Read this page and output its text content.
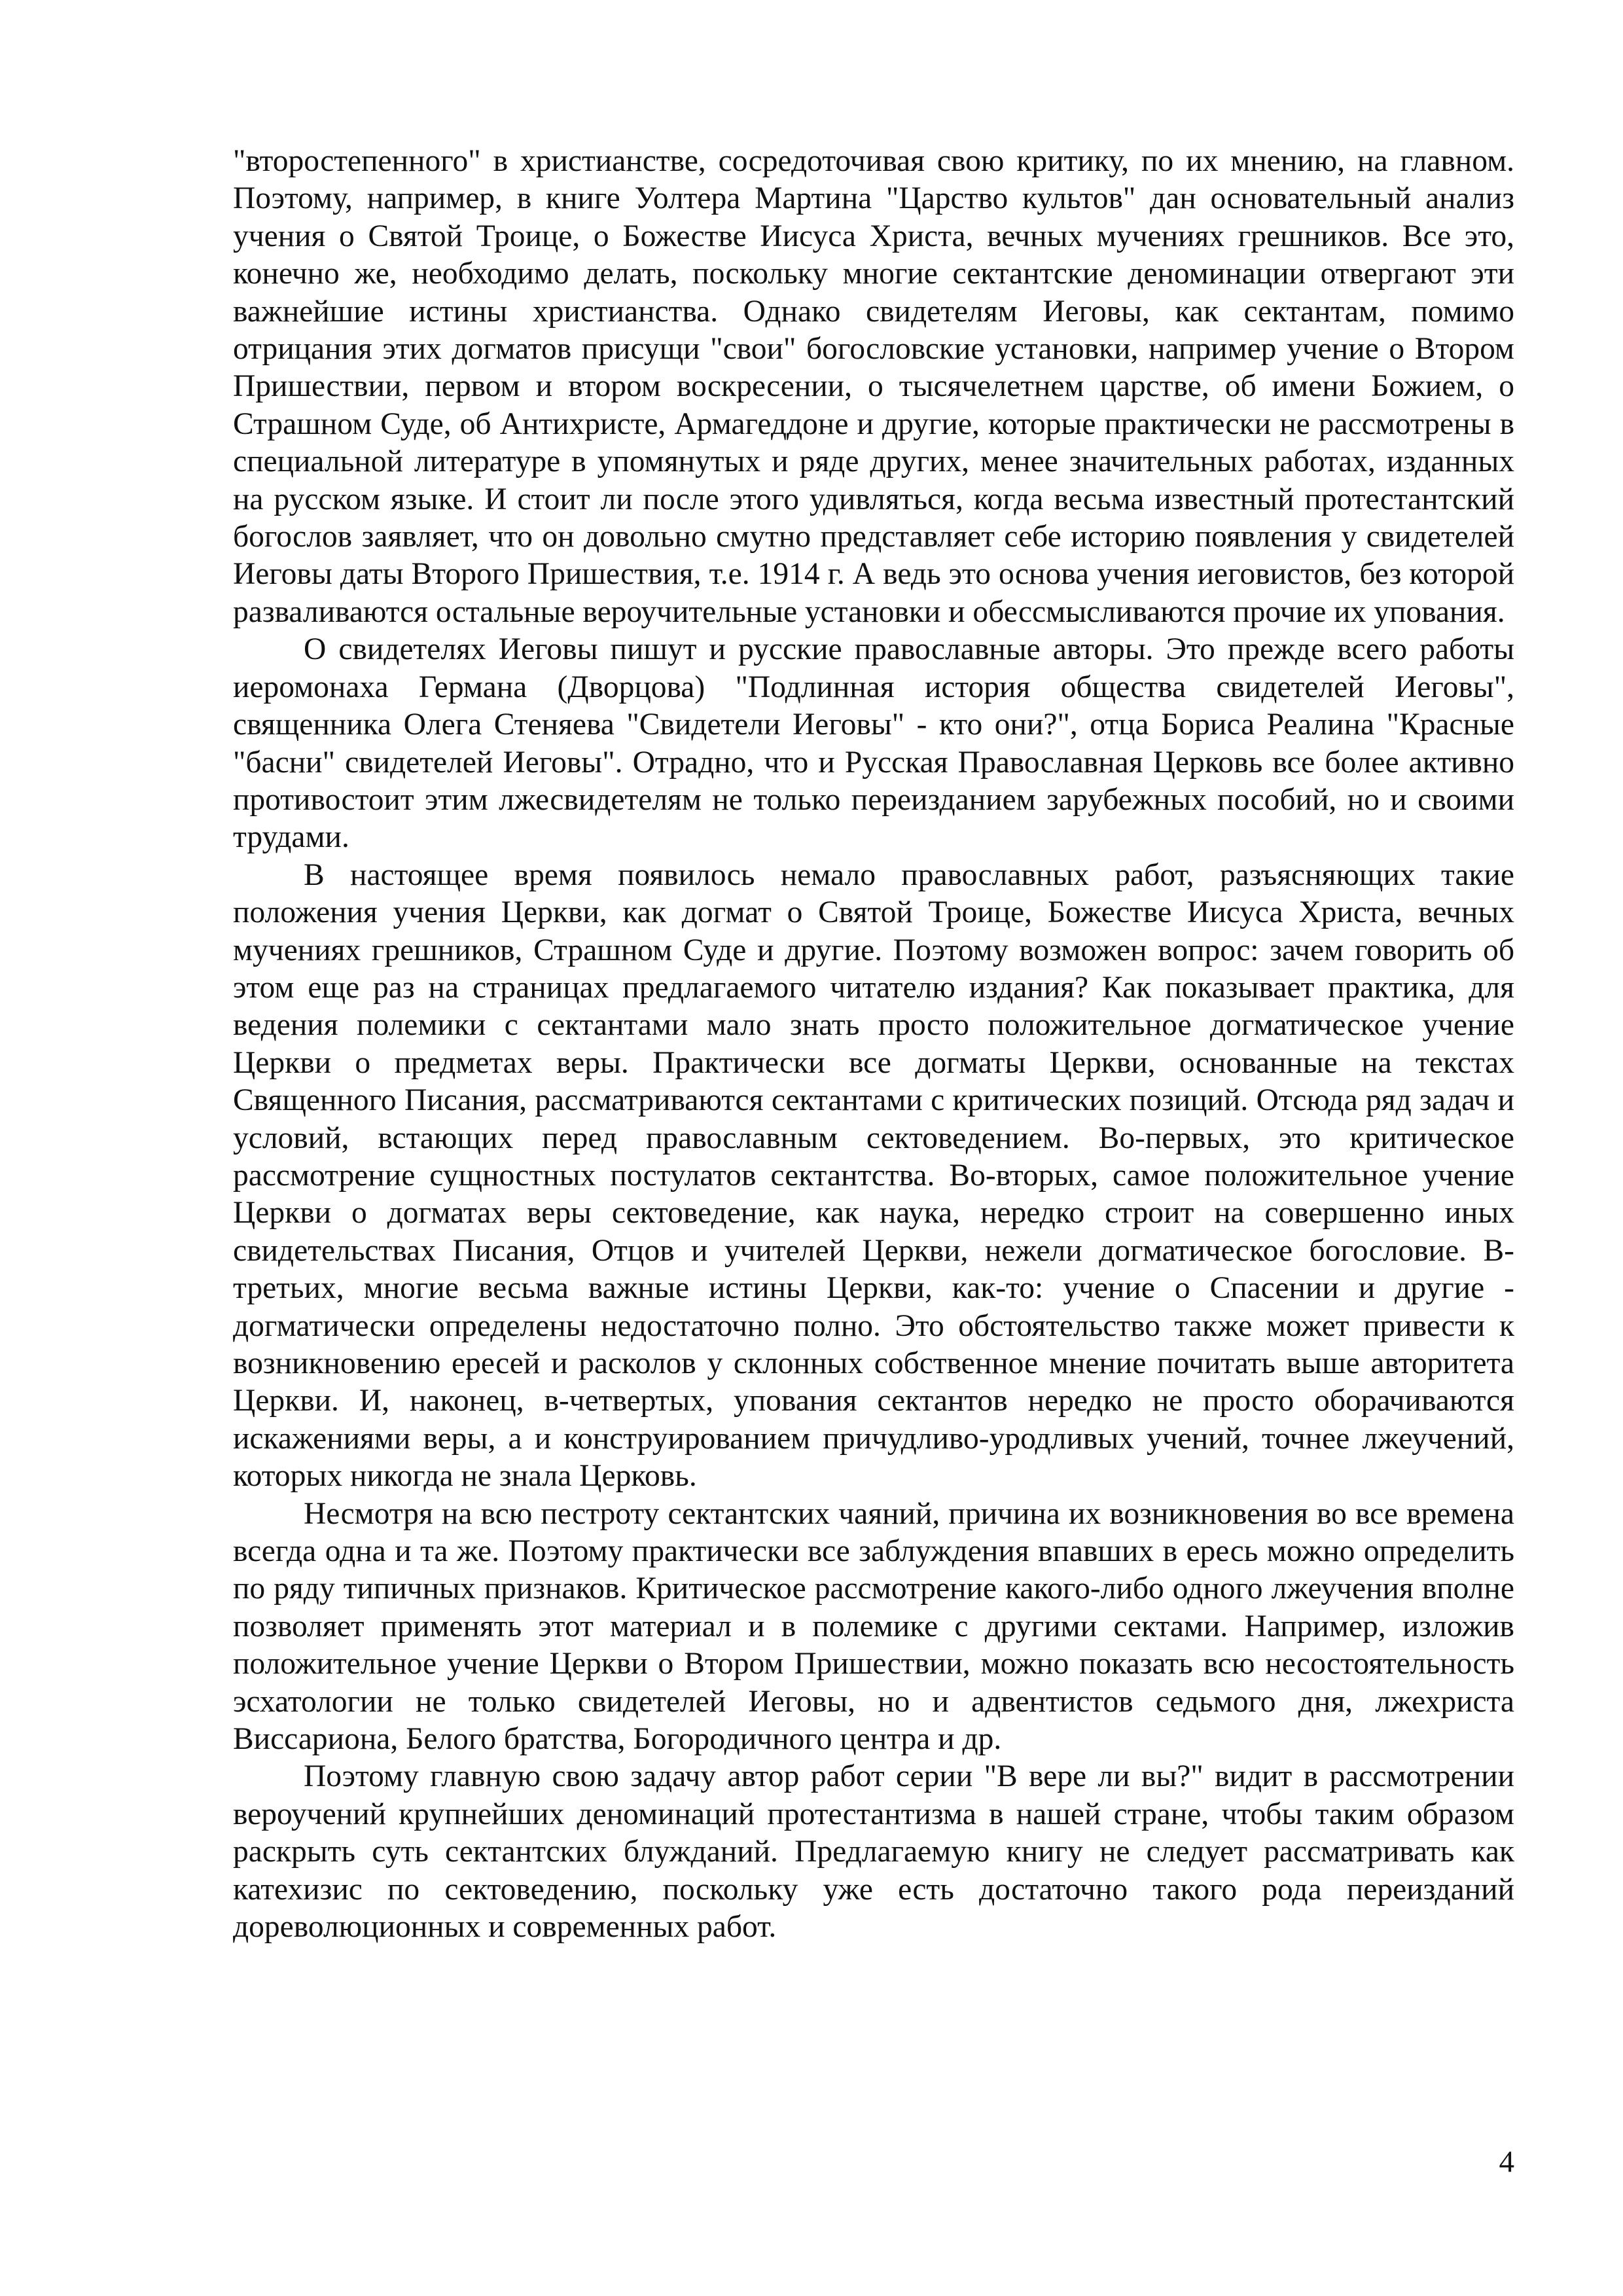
"второстепенного" в христианстве, сосредоточивая свою критику, по их мнению, на главном. Поэтому, например, в книге Уолтера Мартина "Царство культов" дан основательный анализ учения о Святой Троице, о Божестве Иисуса Христа, вечных мучениях грешников. Все это, конечно же, необходимо делать, поскольку многие сектантские деноминации отвергают эти важнейшие истины христианства. Однако свидетелям Иеговы, как сектантам, помимо отрицания этих догматов присущи "свои" богословские установки, например учение о Втором Пришествии, первом и втором воскресении, о тысячелетнем царстве, об имени Божием, о Страшном Суде, об Антихристе, Армагеддоне и другие, которые практически не рассмотрены в специальной литературе в упомянутых и ряде других, менее значительных работах, изданных на русском языке. И стоит ли после этого удивляться, когда весьма известный протестантский богослов заявляет, что он довольно смутно представляет себе историю появления у свидетелей Иеговы даты Второго Пришествия, т.е. 1914 г. А ведь это основа учения иеговистов, без которой разваливаются остальные вероучительные установки и обессмысливаются прочие их упования.

О свидетелях Иеговы пишут и русские православные авторы. Это прежде всего работы иеромонаха Германа (Дворцова) "Подлинная история общества свидетелей Иеговы", священника Олега Стеняева "Свидетели Иеговы" - кто они?", отца Бориса Реалина "Красные "басни" свидетелей Иеговы". Отрадно, что и Русская Православная Церковь все более активно противостоит этим лжесвидетелям не только переизданием зарубежных пособий, но и своими трудами.

В настоящее время появилось немало православных работ, разъясняющих такие положения учения Церкви, как догмат о Святой Троице, Божестве Иисуса Христа, вечных мучениях грешников, Страшном Суде и другие. Поэтому возможен вопрос: зачем говорить об этом еще раз на страницах предлагаемого читателю издания? Как показывает практика, для ведения полемики с сектантами мало знать просто положительное догматическое учение Церкви о предметах веры. Практически все догматы Церкви, основанные на текстах Священного Писания, рассматриваются сектантами с критических позиций. Отсюда ряд задач и условий, встающих перед православным сектоведением. Во-первых, это критическое рассмотрение сущностных постулатов сектантства. Во-вторых, самое положительное учение Церкви о догматах веры сектоведение, как наука, нередко строит на совершенно иных свидетельствах Писания, Отцов и учителей Церкви, нежели догматическое богословие. В-третьих, многие весьма важные истины Церкви, как-то: учение о Спасении и другие - догматически определены недостаточно полно. Это обстоятельство также может привести к возникновению ересей и расколов у склонных собственное мнение почитать выше авторитета Церкви. И, наконец, в-четвертых, упования сектантов нередко не просто оборачиваются искажениями веры, а и конструированием причудливо-уродливых учений, точнее лжеучений, которых никогда не знала Церковь.

Несмотря на всю пестроту сектантских чаяний, причина их возникновения во все времена всегда одна и та же. Поэтому практически все заблуждения впавших в ересь можно определить по ряду типичных признаков. Критическое рассмотрение какого-либо одного лжеучения вполне позволяет применять этот материал и в полемике с другими сектами. Например, изложив положительное учение Церкви о Втором Пришествии, можно показать всю несостоятельность эсхатологии не только свидетелей Иеговы, но и адвентистов седьмого дня, лжехриста Виссариона, Белого братства, Богородичного центра и др.

Поэтому главную свою задачу автор работ серии "В вере ли вы?" видит в рассмотрении вероучений крупнейших деноминаций протестантизма в нашей стране, чтобы таким образом раскрыть суть сектантских блужданий. Предлагаемую книгу не следует рассматривать как катехизис по сектоведению, поскольку уже есть достаточно такого рода переизданий дореволюционных и современных работ.

4
